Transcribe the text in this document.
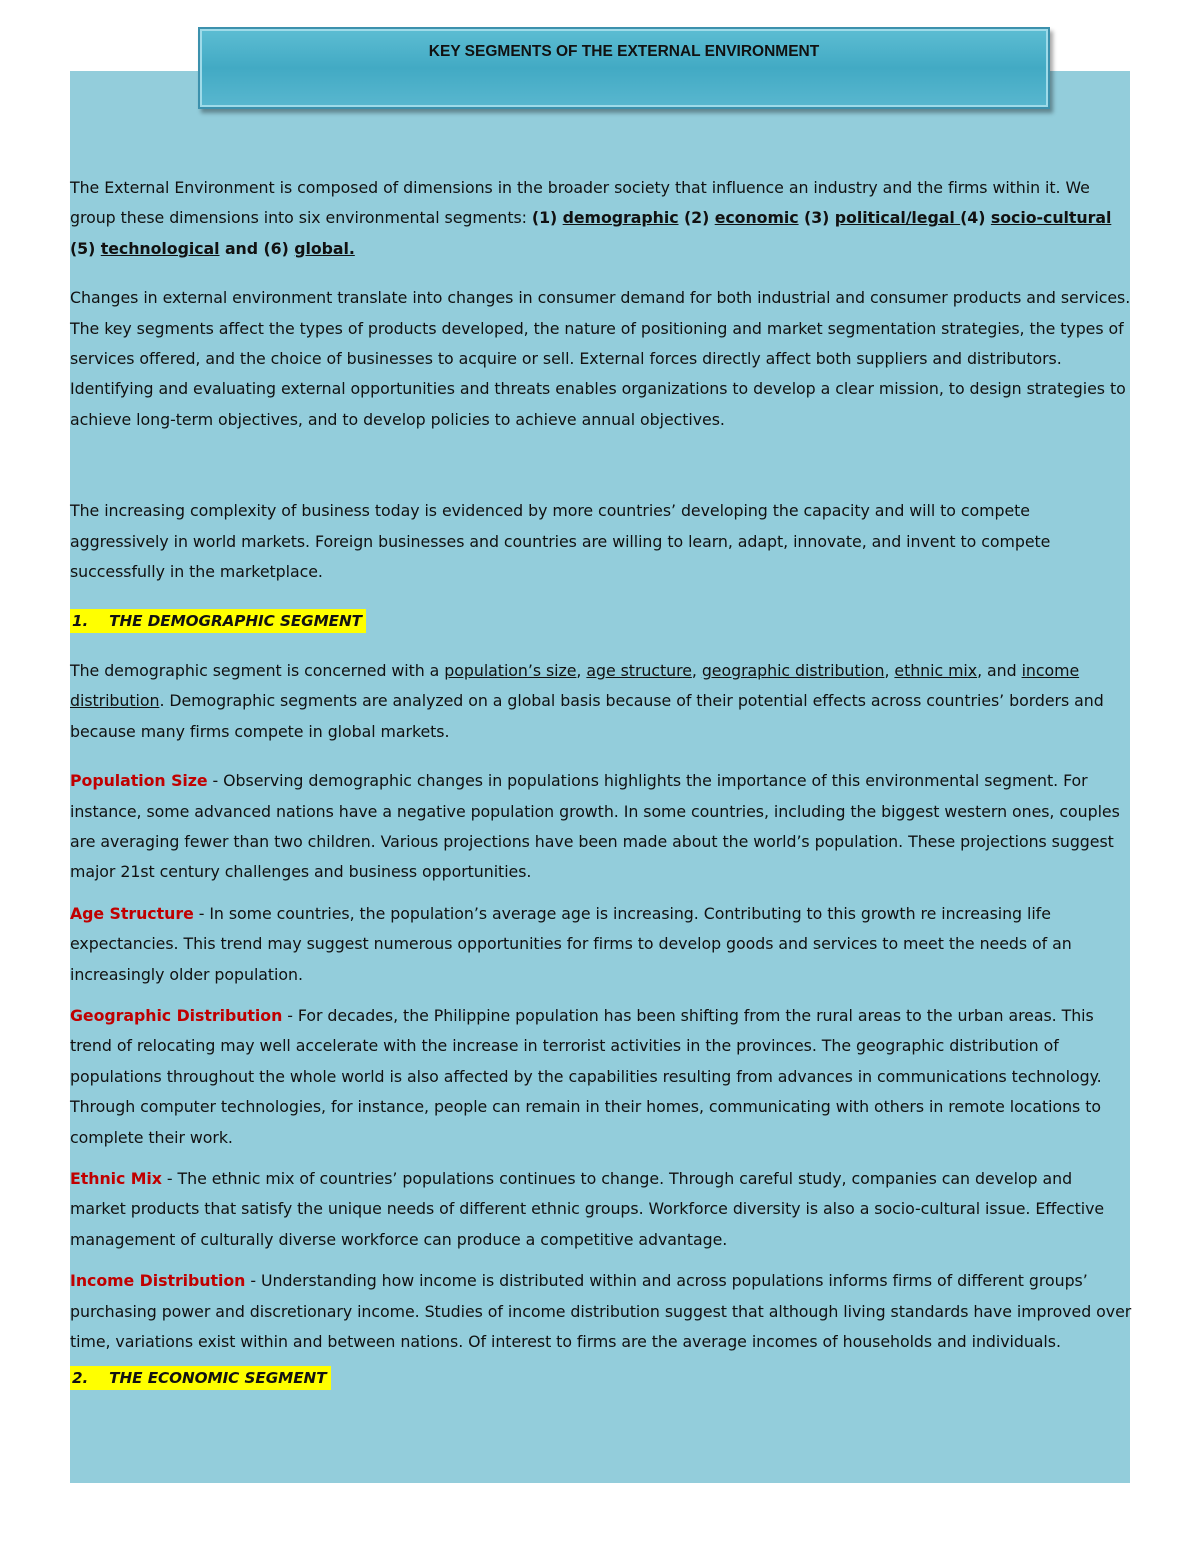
KEY SEGMENTS OF THE EXTERNAL ENVIRONMENT

The External Environment is composed of dimensions in the broader society that influence an industry and the firms within it. We group these dimensions into six environmental segments: (1) demographic (2) economic (3) political/legal (4) socio-cultural (5) technological and (6) global.

Changes in external environment translate into changes in consumer demand for both industrial and consumer products and services. The key segments affect the types of products developed, the nature of positioning and market segmentation strategies, the types of services offered, and the choice of businesses to acquire or sell. External forces directly affect both suppliers and distributors. Identifying and evaluating external opportunities and threats enables organizations to develop a clear mission, to design strategies to achieve long-term objectives, and to develop policies to achieve annual objectives.

The increasing complexity of business today is evidenced by more countries’ developing the capacity and will to compete aggressively in world markets. Foreign businesses and countries are willing to learn, adapt, innovate, and invent to compete successfully in the marketplace.

1.    THE DEMOGRAPHIC SEGMENT

The demographic segment is concerned with a population’s size, age structure, geographic distribution, ethnic mix, and income distribution. Demographic segments are analyzed on a global basis because of their potential effects across countries’ borders and because many firms compete in global markets.

Population Size - Observing demographic changes in populations highlights the importance of this environmental segment. For instance, some advanced nations have a negative population growth. In some countries, including the biggest western ones, couples are averaging fewer than two children. Various projections have been made about the world’s population. These projections suggest major 21st century challenges and business opportunities.

Age Structure - In some countries, the population’s average age is increasing. Contributing to this growth re increasing life expectancies. This trend may suggest numerous opportunities for firms to develop goods and services to meet the needs of an increasingly older population.

Geographic Distribution - For decades, the Philippine population has been shifting from the rural areas to the urban areas. This trend of relocating may well accelerate with the increase in terrorist activities in the provinces. The geographic distribution of populations throughout the whole world is also affected by the capabilities resulting from advances in communications technology. Through computer technologies, for instance, people can remain in their homes, communicating with others in remote locations to complete their work.

Ethnic Mix - The ethnic mix of countries’ populations continues to change. Through careful study, companies can develop and market products that satisfy the unique needs of different ethnic groups. Workforce diversity is also a socio-cultural issue. Effective management of culturally diverse workforce can produce a competitive advantage.

Income Distribution - Understanding how income is distributed within and across populations informs firms of different groups’ purchasing power and discretionary income. Studies of income distribution suggest that although living standards have improved over time, variations exist within and between nations. Of interest to firms are the average incomes of households and individuals.

2.    THE ECONOMIC SEGMENT
